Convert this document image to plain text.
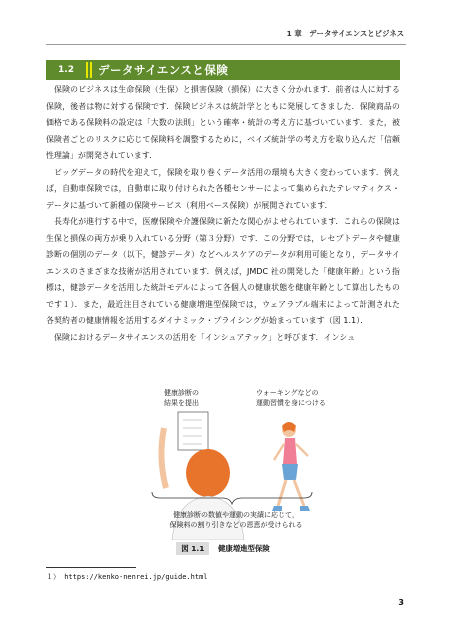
1 章　データサイエンスとビジネス
1.2	データサイエンスと保険

保険のビジネスは生命保険（生保）と損害保険（損保）に大きく分かれます．前者は人に対する保険，後者は物に対する保険です．保険ビジネスは統計学とともに発展してきました．保険商品の価格である保険料の設定は「大数の法則」という確率・統計の考え方に基づいています．また，被保険者ごとのリスクに応じて保険料を調整するために，ベイズ統計学の考え方を取り込んだ「信頼性理論」が開発されています．

ビッグデータの時代を迎えて，保険を取り巻くデータ活用の環境も大きく変わっています．例えば，自動車保険では，自動車に取り付けられた各種センサーによって集められたテレマティクス・データに基づいて新種の保険サービス（利用ベース保険）が展開されています．

長寿化が進行する中で，医療保険や介護保険に新たな関心がよせられています．これらの保険は生保と損保の両方が乗り入れている分野（第３分野）です．この分野では，レセプトデータや健康診断の個別のデータ（以下，健診データ）などヘルスケアのデータが利用可能となり，データサイエンスのさまざまな技術が活用されています．例えば，JMDC 社の開発した「健康年齢」という指標は，健診データを活用した統計モデルによって各個人の健康状態を健康年齢として算出したものです１）．また，最近注目されている健康増進型保険では，ウェアラブル端末によって計測された各契約者の健康情報を活用するダイナミック・プライシングが始まっています（図 1.1）．

保険におけるデータサイエンスの活用を「インシュアテック」と呼びます．インシュ

健康診断の
結果を提出
ウォーキングなどの
運動習慣を身につける
健康診断の数値や運動の実績に応じて，
保険料の割り引きなどの恩恵が受けられる
図 1.1 健康増進型保険
１） https://kenko-nenrei.jp/guide.html
3
